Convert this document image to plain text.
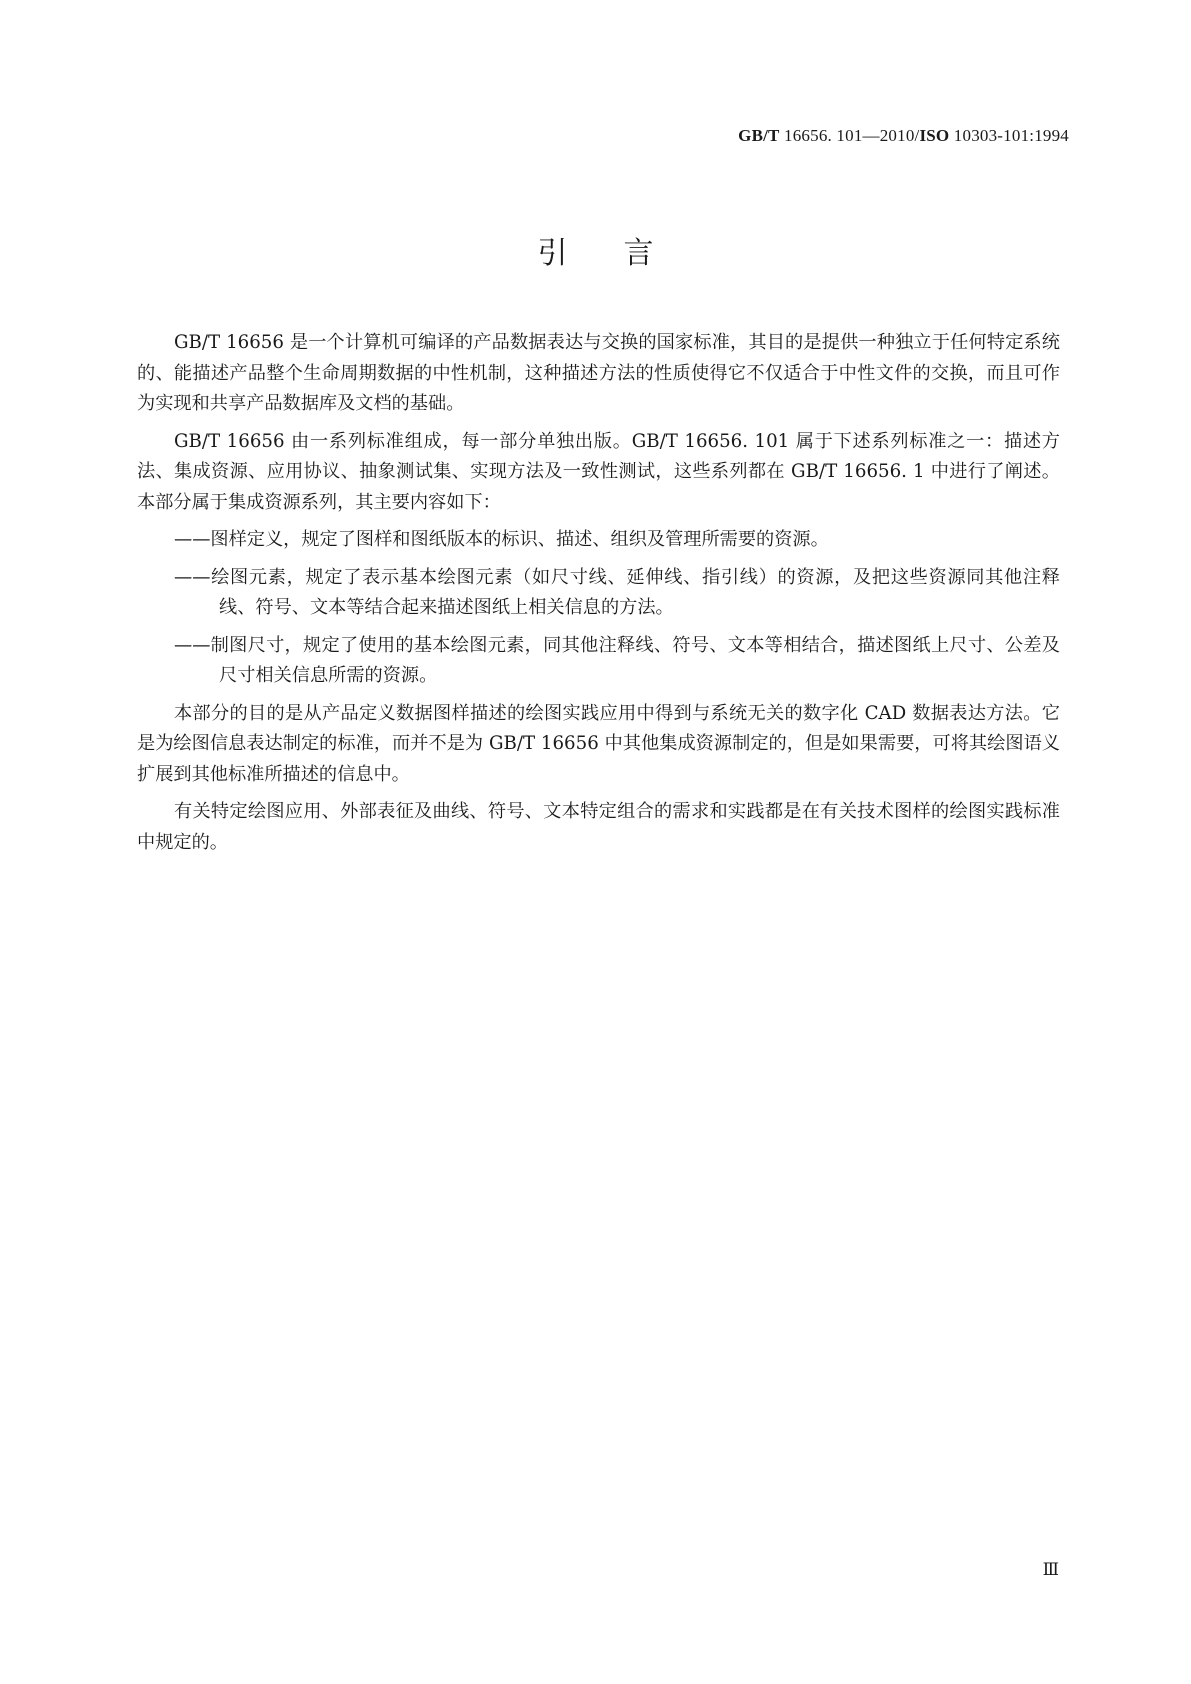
GB/T 16656. 101—2010/ISO 10303-101:1994
引言

GB/T 16656 是一个计算机可编译的产品数据表达与交换的国家标准，其目的是提供一种独立于任何特定系统的、能描述产品整个生命周期数据的中性机制，这种描述方法的性质使得它不仅适合于中性文件的交换，而且可作为实现和共享产品数据库及文档的基础。

GB/T 16656 由一系列标准组成，每一部分单独出版。GB/T 16656. 101 属于下述系列标准之一：描述方法、集成资源、应用协议、抽象测试集、实现方法及一致性测试，这些系列都在 GB/T 16656. 1 中进行了阐述。本部分属于集成资源系列，其主要内容如下：

——图样定义，规定了图样和图纸版本的标识、描述、组织及管理所需要的资源。
——绘图元素，规定了表示基本绘图元素（如尺寸线、延伸线、指引线）的资源，及把这些资源同其他注释线、符号、文本等结合起来描述图纸上相关信息的方法。
——制图尺寸，规定了使用的基本绘图元素，同其他注释线、符号、文本等相结合，描述图纸上尺寸、公差及尺寸相关信息所需的资源。

本部分的目的是从产品定义数据图样描述的绘图实践应用中得到与系统无关的数字化 CAD 数据表达方法。它是为绘图信息表达制定的标准，而并不是为 GB/T 16656 中其他集成资源制定的，但是如果需要，可将其绘图语义扩展到其他标准所描述的信息中。

有关特定绘图应用、外部表征及曲线、符号、文本特定组合的需求和实践都是在有关技术图样的绘图实践标准中规定的。

Ⅲ
